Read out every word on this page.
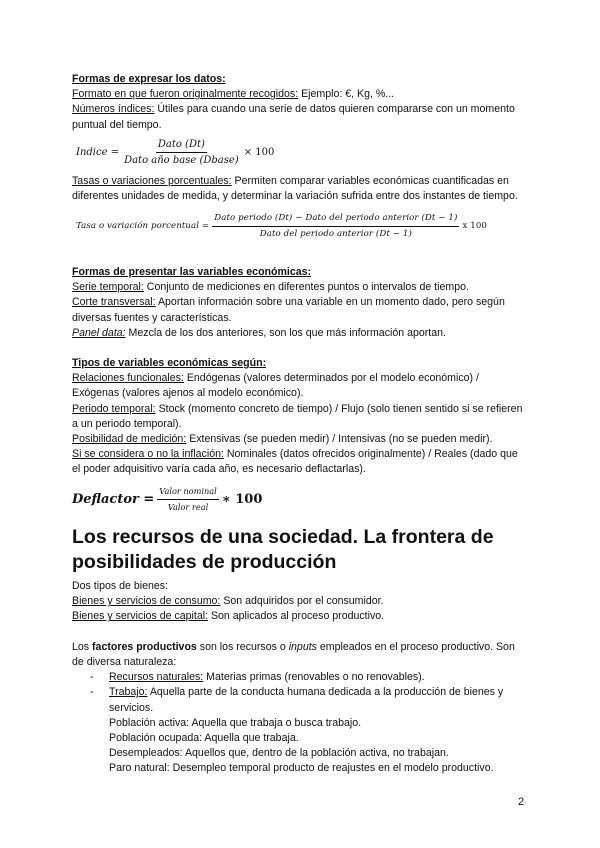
Formas de expresar los datos:

Formato en que fueron originalmente recogidos: Ejemplo: €, Kg, %...

Números índices: Útiles para cuando una serie de datos quieren compararse con un momento puntual del tiempo.

Indice = $\frac{\text{Dato (Dt)}}{\text{Dato año base (Dbase)}} \times 100$

Tasas o variaciones porcentuales: Permiten comparar variables económicas cuantificadas en diferentes unidades de medida, y determinar la variación sufrida entre dos instantes de tiempo.

Tasa o variación porcentual = $\frac{\text{Dato periodo (Dt) − Dato del periodo anterior (Dt − 1)}}{\text{Dato del periodo anterior (Dt − 1)}}$ x 100

Formas de presentar las variables económicas:

Serie temporal: Conjunto de mediciones en diferentes puntos o intervalos de tiempo.

Corte transversal: Aportan información sobre una variable en un momento dado, pero según diversas fuentes y características.

Panel data: Mezcla de los dos anteriores, son los que más información aportan.

Tipos de variables económicas según:

Relaciones funcionales: Endógenas (valores determinados por el modelo económico) / Exógenas (valores ajenos al modelo económico).

Periodo temporal: Stock (momento concreto de tiempo) / Flujo (solo tienen sentido si se refieren a un periodo temporal).

Posibilidad de medición: Extensivas (se pueden medir) / Intensivas (no se pueden medir).

Si se considera o no la inflación: Nominales (datos ofrecidos originalmente) / Reales (dado que el poder adquisitivo varía cada año, es necesario deflactarlas).

Deflactor = $\frac{\text{Valor nominal}}{\text{Valor real}}$ ∗ 100
Los recursos de una sociedad. La frontera de posibilidades de producción

Dos tipos de bienes:

Bienes y servicios de consumo: Son adquiridos por el consumidor.

Bienes y servicios de capital: Son aplicados al proceso productivo.

Los factores productivos son los recursos o inputs empleados en el proceso productivo. Son de diversa naturaleza:

- Recursos naturales: Materias primas (renovables o no renovables).
- Trabajo: Aquella parte de la conducta humana dedicada a la producción de bienes y servicios.

Población activa: Aquella que trabaja o busca trabajo.

Población ocupada: Aquella que trabaja.

Desempleados: Aquellos que, dentro de la población activa, no trabajan.

Paro natural: Desempleo temporal producto de reajustes en el modelo productivo.

2
